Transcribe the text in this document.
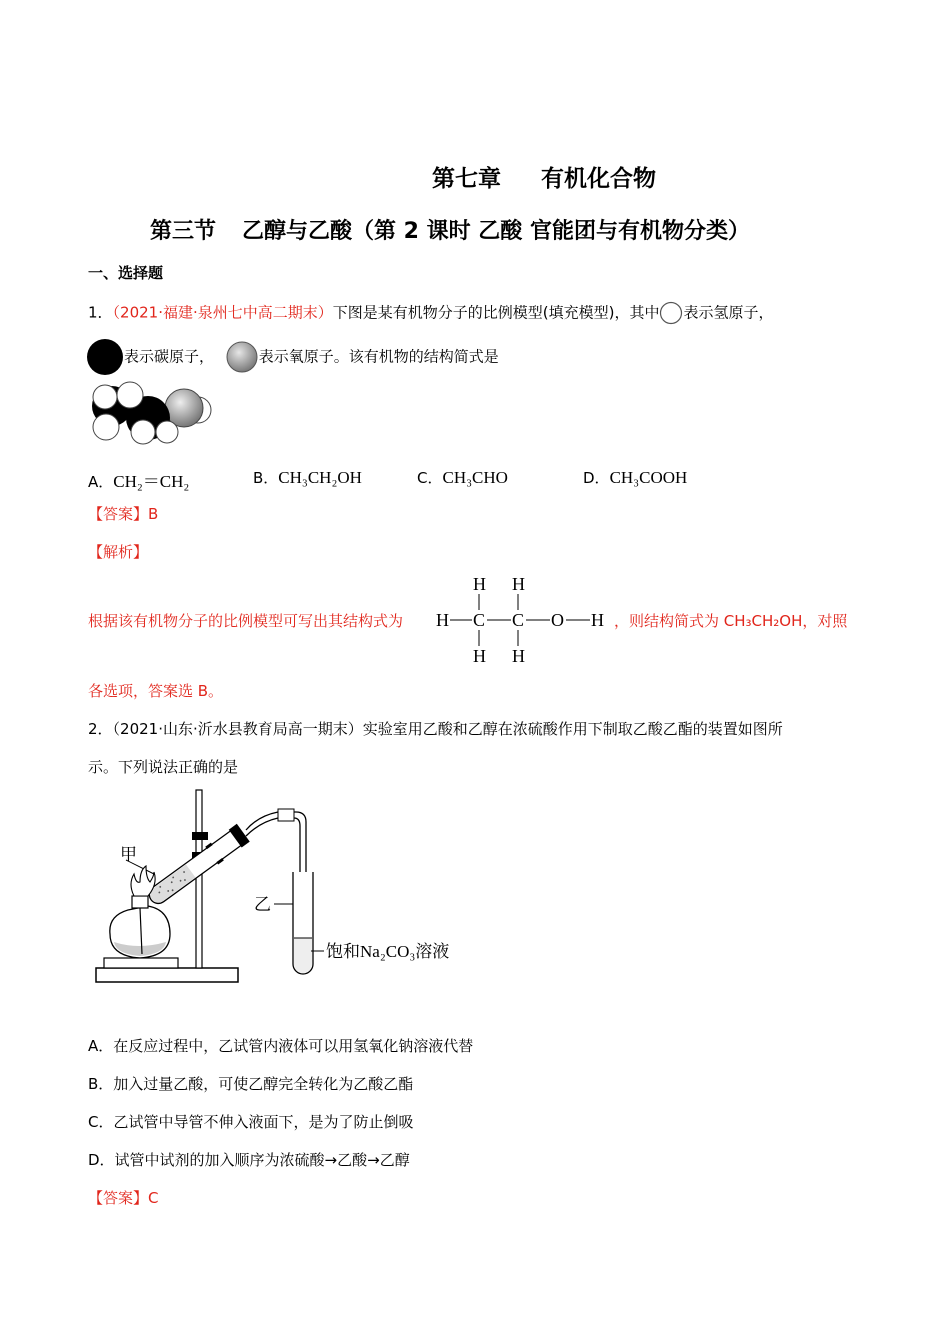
第七章 有机化合物
第三节 乙醇与乙酸（第 2 课时 乙酸 官能团与有机物分类）
一、选择题
1．（2021·福建·泉州七中高二期末）下图是某有机物分子的比例模型(填充模型)，其中 表示氢原子，
表示碳原子，	表示氧原子。该有机物的结构简式是
A．CH₂＝CH₂	B．CH₃CH₂OH	C．CH₃CHO	D．CH₃COOH
【答案】B
【解析】
根据该有机物分子的比例模型可写出其结构式为
H H
H C C O H
H H
，则结构简式为 CH₃CH₂OH，对照
各选项，答案选 B。
2．（2021·山东·沂水县教育局高一期末）实验室用乙酸和乙醇在浓硫酸作用下制取乙酸乙酯的装置如图所
示。下列说法正确的是
甲
乙
饱和Na₂CO₃溶液
A．在反应过程中，乙试管内液体可以用氢氧化钠溶液代替
B．加入过量乙酸，可使乙醇完全转化为乙酸乙酯
C．乙试管中导管不伸入液面下，是为了防止倒吸
D．试管中试剂的加入顺序为浓硫酸→乙酸→乙醇
【答案】C
